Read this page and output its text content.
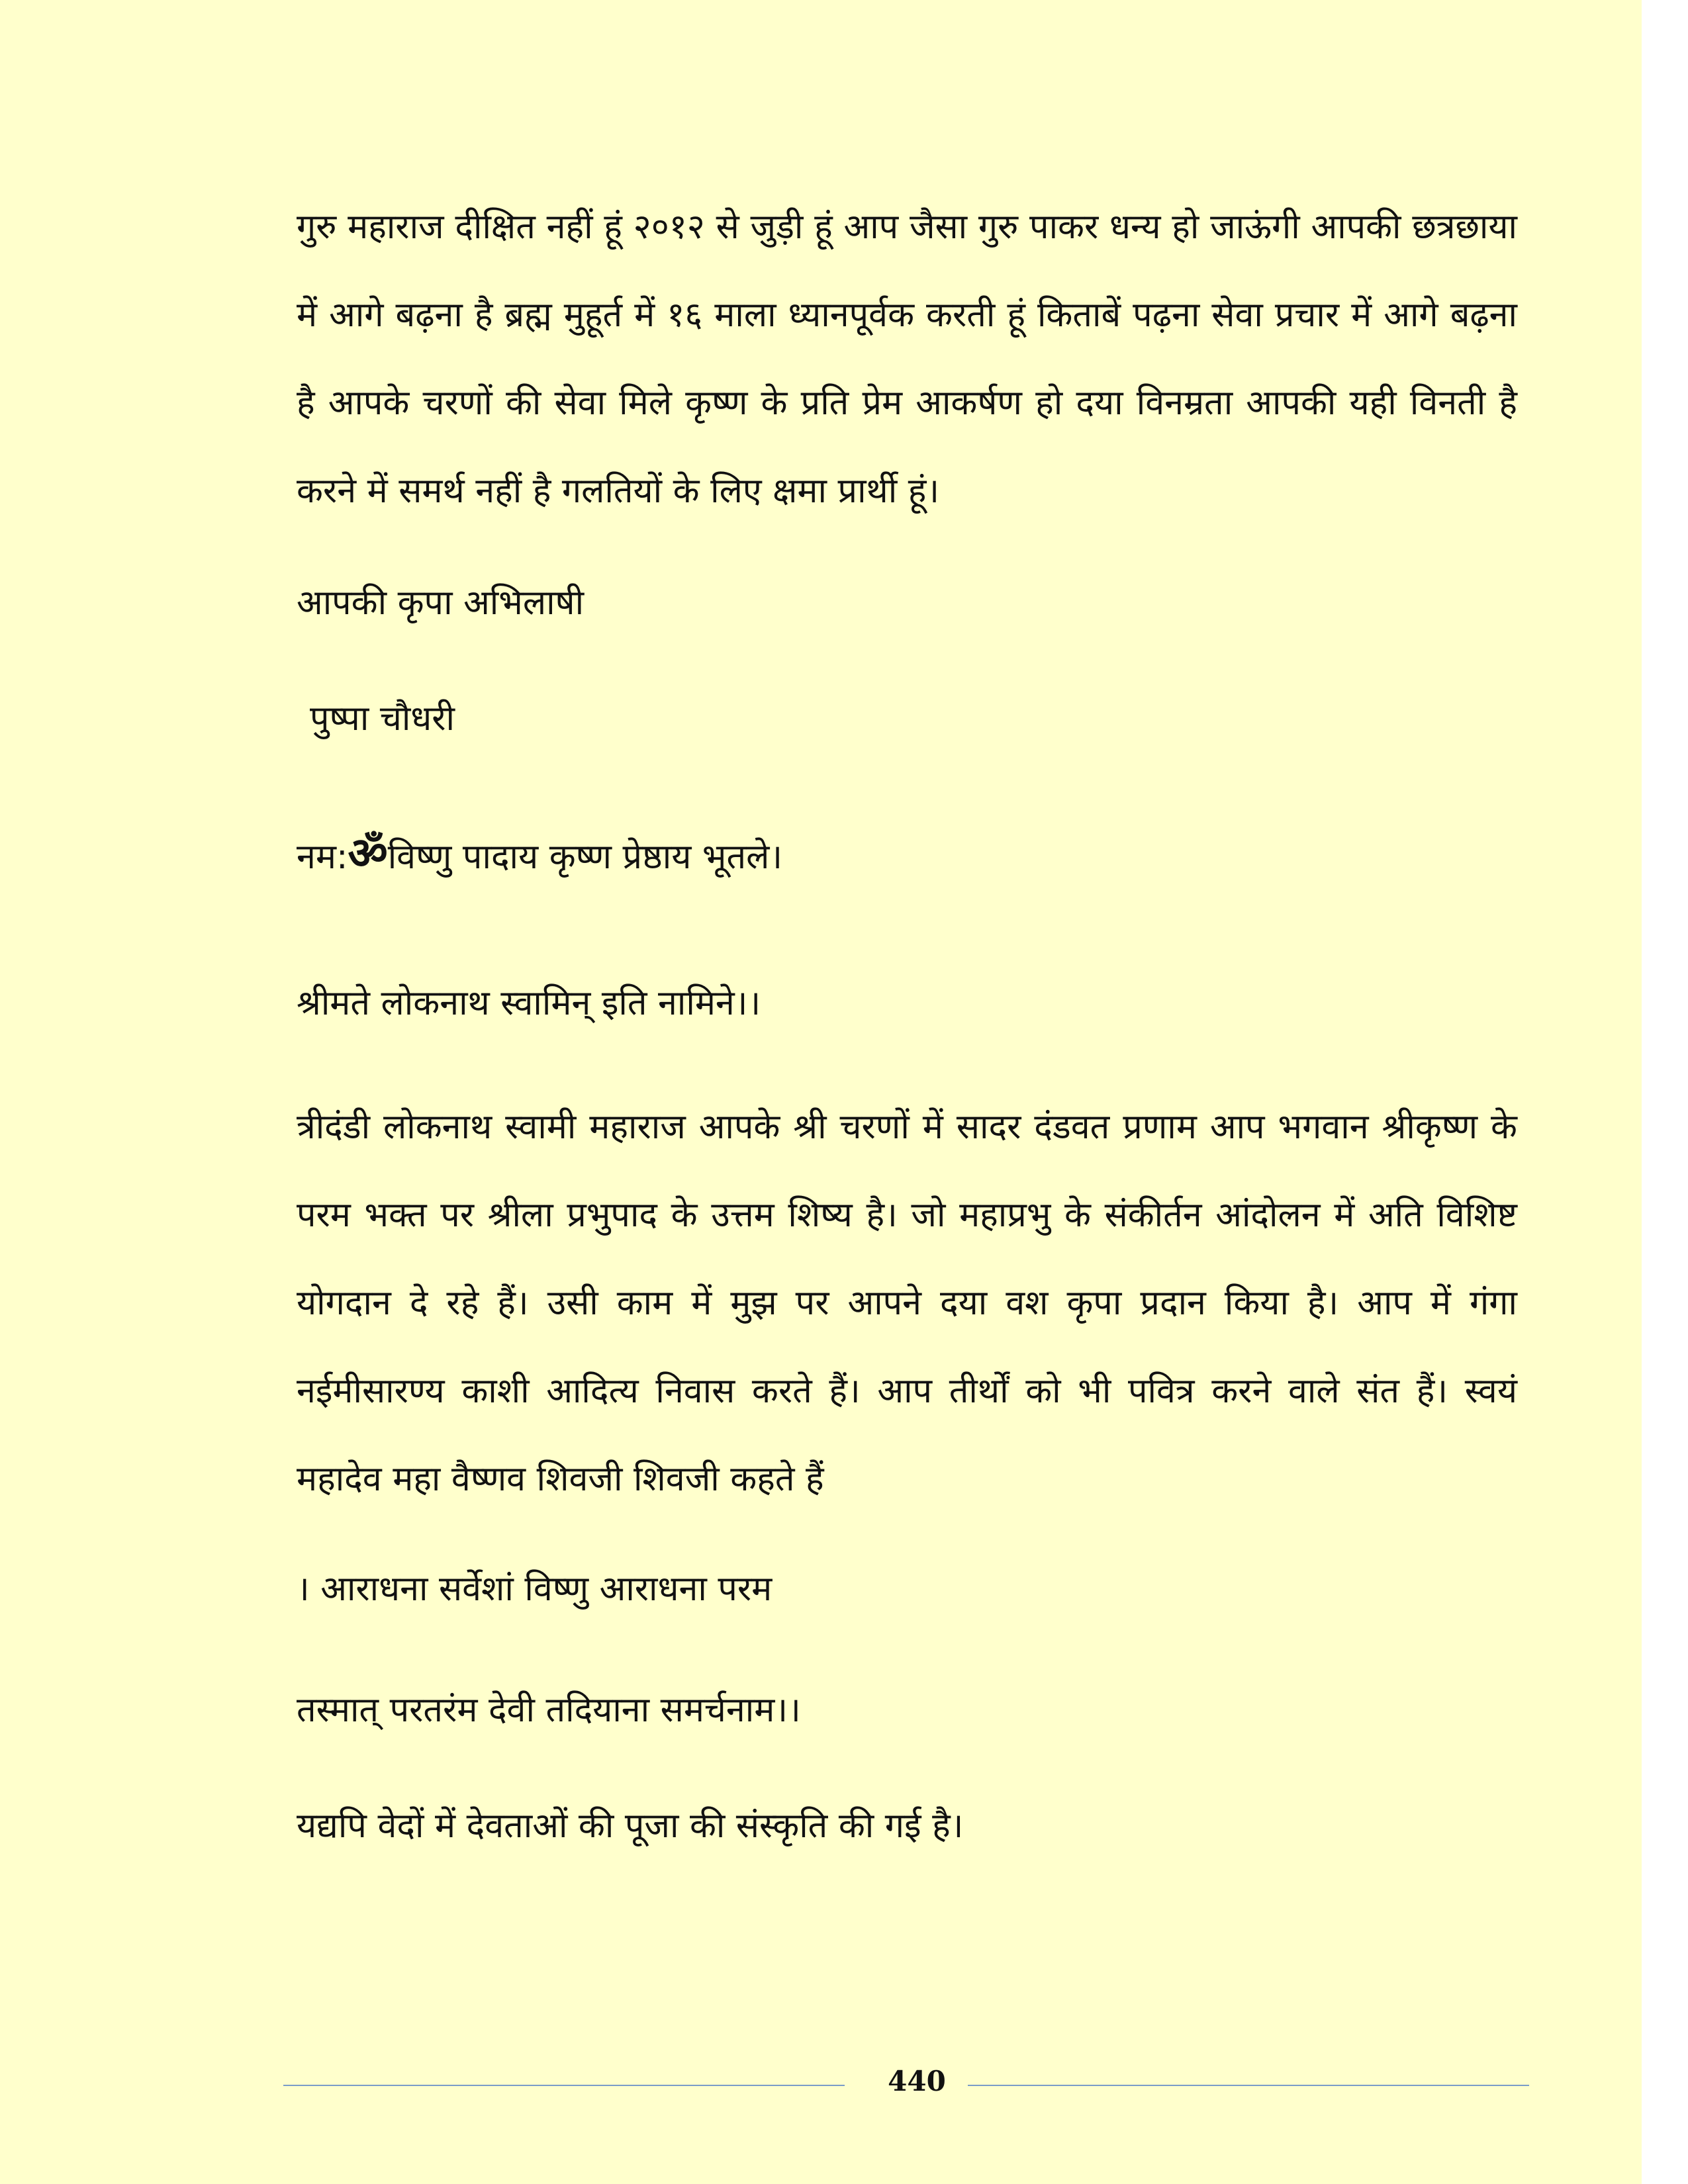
गुरु महाराज दीक्षित नहीं हूं २०१२ से जुड़ी हूं आप जैसा गुरु पाकर धन्य हो जाऊंगी आपकी छत्रछाया में आगे बढ़ना है ब्रह्म मुहूर्त में १६ माला ध्यानपूर्वक करती हूं किताबें पढ़ना सेवा प्रचार में आगे बढ़ना है आपके चरणों की सेवा मिले कृष्ण के प्रति प्रेम आकर्षण हो दया विनम्रता आपकी यही विनती है करने में समर्थ नहीं है गलतियों के लिए क्षमा प्रार्थी हूं।

आपकी कृपा अभिलाषी
पुष्पा चौधरी
नम:ॐविष्णु पादाय कृष्ण प्रेष्ठाय भूतले।
श्रीमते लोकनाथ स्वामिन् इति नामिने।।

त्रीदंडी लोकनाथ स्वामी महाराज आपके श्री चरणों में सादर दंडवत प्रणाम आप भगवान श्रीकृष्ण के परम भक्त पर श्रीला प्रभुपाद के उत्तम शिष्य है। जो महाप्रभु के संकीर्तन आंदोलन में अति विशिष्ट योगदान दे रहे हैं। उसी काम में मुझ पर आपने दया वश कृपा प्रदान किया है। आप में गंगा नईमीसारण्य काशी आदित्य निवास करते हैं। आप तीर्थों को भी पवित्र करने वाले संत हैं। स्वयं महादेव महा वैष्णव शिवजी शिवजी कहते हैं

। आराधना सर्वेशां विष्णु आराधना परम
तस्मात् परतरंम देवी तदियाना समर्चनाम।।
यद्यपि वेदों में देवताओं की पूजा की संस्कृति की गई है।
440
